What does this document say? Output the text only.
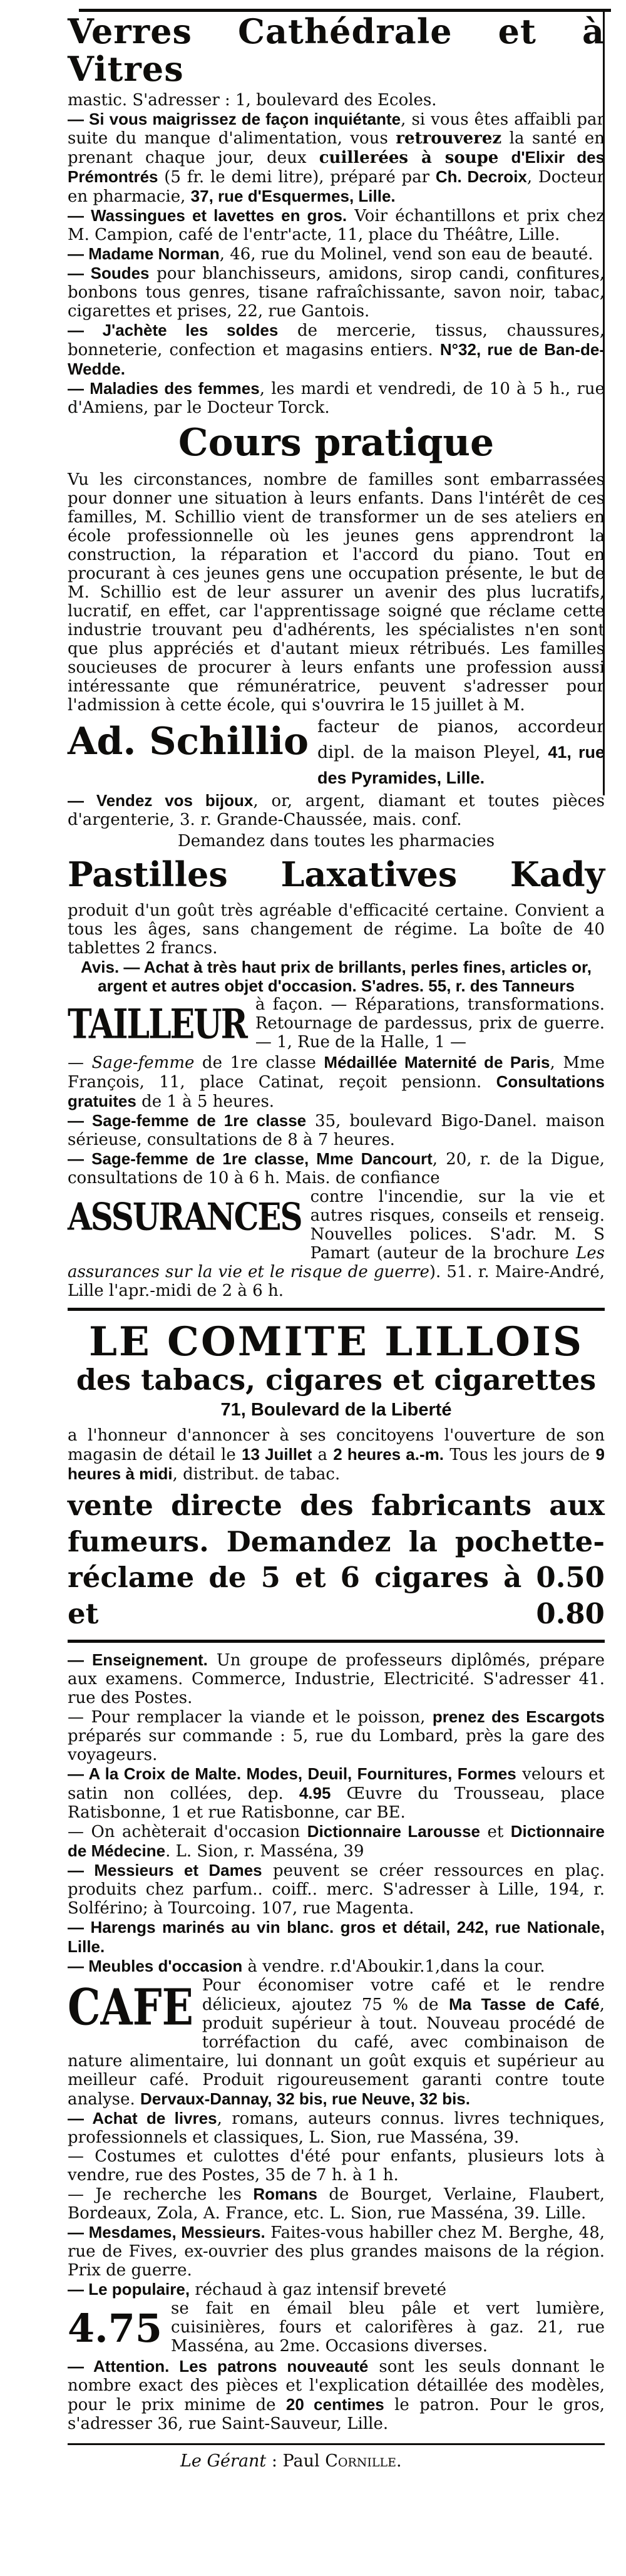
Verres Cathédrale et à Vitres
mastic. S'adresser : 1, boulevard des Ecoles.
— Si vous maigrissez de façon inquiétante, si vous êtes affaibli par suite du manque d'alimentation, vous retrouverez la santé en prenant chaque jour, deux cuillerées à soupe d'Elixir des Prémontrés (5 fr. le demi litre), préparé par Ch. Decroix, Docteur en pharmacie, 37, rue d'Esquermes, Lille.
— Wassingues et lavettes en gros. Voir échantillons et prix chez M. Campion, café de l'entr'acte, 11, place du Théâtre, Lille.
— Madame Norman, 46, rue du Molinel, vend son eau de beauté.
— Soudes pour blanchisseurs, amidons, sirop candi, confitures, bonbons tous genres, tisane rafraîchissante, savon noir, tabac, cigarettes et prises, 22, rue Gantois.
— J'achète les soldes de mercerie, tissus, chaussures, bonneterie, confection et magasins entiers. N°32, rue de Ban-de-Wedde.
— Maladies des femmes, les mardi et vendredi, de 10 à 5 h., rue d'Amiens, par le Docteur Torck.
Cours pratique
Vu les circonstances, nombre de familles sont embarrassées pour donner une situation à leurs enfants. Dans l'intérêt de ces familles, M. Schillio vient de transformer un de ses ateliers en école professionnelle où les jeunes gens apprendront la construction, la réparation et l'accord du piano. Tout en procurant à ces jeunes gens une occupation présente, le but de M. Schillio est de leur assurer un avenir des plus lucratifs, lucratif, en effet, car l'apprentissage soigné que réclame cette industrie trouvant peu d'adhérents, les spécialistes n'en sont que plus appréciés et d'autant mieux rétribués. Les familles soucieuses de procurer à leurs enfants une profession aussi intéressante que rémunératrice, peuvent s'adresser pour l'admission à cette école, qui s'ouvrira le 15 juillet à M.
Ad. Schillio facteur de pianos, accordeur dipl. de la maison Pleyel, 41, rue des Pyramides, Lille.
— Vendez vos bijoux, or, argent, diamant et toutes pièces d'argenterie, 3. r. Grande-Chaussée, mais. conf.
Demandez dans toutes les pharmacies
Pastilles Laxatives Kady
produit d'un goût très agréable d'efficacité certaine. Convient a tous les âges, sans changement de régime. La boîte de 40 tablettes 2 francs.
Avis. — Achat à très haut prix de brillants, perles fines, articles or, argent et autres objet d'occasion. S'adres. 55, r. des Tanneurs
TAILLEUR à façon. — Réparations, transformations. Retournage de pardessus, prix de guerre. — 1, Rue de la Halle, 1 —
— Sage-femme de 1re classe Médaillée Maternité de Paris, Mme François, 11, place Catinat, reçoit pensionn. Consultations gratuites de 1 à 5 heures.
— Sage-femme de 1re classe 35, boulevard Bigo-Danel. maison sérieuse, consultations de 8 à 7 heures.
— Sage-femme de 1re classe, Mme Dancourt, 20, r. de la Digue, consultations de 10 à 6 h. Mais. de confiance
ASSURANCES contre l'incendie, sur la vie et autres risques, conseils et renseig. Nouvelles polices. S'adr. M. S Pamart (auteur de la brochure Les assurances sur la vie et le risque de guerre). 51. r. Maire-André, Lille l'apr.-midi de 2 à 6 h.
LE COMITE LILLOIS
des tabacs, cigares et cigarettes
71, Boulevard de la Liberté
a l'honneur d'annoncer à ses concitoyens l'ouverture de son magasin de détail le 13 Juillet a 2 heures a.-m. Tous les jours de 9 heures à midi, distribut. de tabac.
vente directe des fabricants aux fumeurs. Demandez la pochette-réclame de 5 et 6 cigares à 0.50 et 0.80
— Enseignement. Un groupe de professeurs diplômés, prépare aux examens. Commerce, Industrie, Electricité. S'adresser 41. rue des Postes.
— Pour remplacer la viande et le poisson, prenez des Escargots préparés sur commande : 5, rue du Lombard, près la gare des voyageurs.
— A la Croix de Malte. Modes, Deuil, Fournitures, Formes velours et satin non collées, dep. 4.95 Œuvre du Trousseau, place Ratisbonne, 1 et rue Ratisbonne, car BE.
— On achèterait d'occasion Dictionnaire Larousse et Dictionnaire de Médecine. L. Sion, r. Masséna, 39
— Messieurs et Dames peuvent se créer ressources en plaç. produits chez parfum.. coiff.. merc. S'adresser à Lille, 194, r. Solférino; à Tourcoing. 107, rue Magenta.
— Harengs marinés au vin blanc. gros et détail, 242, rue Nationale, Lille.
— Meubles d'occasion à vendre. r.d'Aboukir.1,dans la cour.
CAFE Pour économiser votre café et le rendre délicieux, ajoutez 75 % de Ma Tasse de Café, produit supérieur à tout. Nouveau procédé de torréfaction du café, avec combinaison de nature alimentaire, lui donnant un goût exquis et supérieur au meilleur café. Produit rigoureusement garanti contre toute analyse. Dervaux-Dannay, 32 bis, rue Neuve, 32 bis.
— Achat de livres, romans, auteurs connus. livres techniques, professionnels et classiques, L. Sion, rue Masséna, 39.
— Costumes et culottes d'été pour enfants, plusieurs lots à vendre, rue des Postes, 35 de 7 h. à 1 h.
— Je recherche les Romans de Bourget, Verlaine, Flaubert, Bordeaux, Zola, A. France, etc. L. Sion, rue Masséna, 39. Lille.
— Mesdames, Messieurs. Faites-vous habiller chez M. Berghe, 48, rue de Fives, ex-ouvrier des plus grandes maisons de la région. Prix de guerre.
— Le populaire, réchaud à gaz intensif breveté
4.75 se fait en émail bleu pâle et vert lumière, cuisinières, fours et calorifères à gaz. 21, rue Masséna, au 2me. Occasions diverses.
— Attention. Les patrons nouveauté sont les seuls donnant le nombre exact des pièces et l'explication détaillée des modèles, pour le prix minime de 20 centimes le patron. Pour le gros, s'adresser 36, rue Saint-Sauveur, Lille.
Le Gérant : Paul Cornille.
